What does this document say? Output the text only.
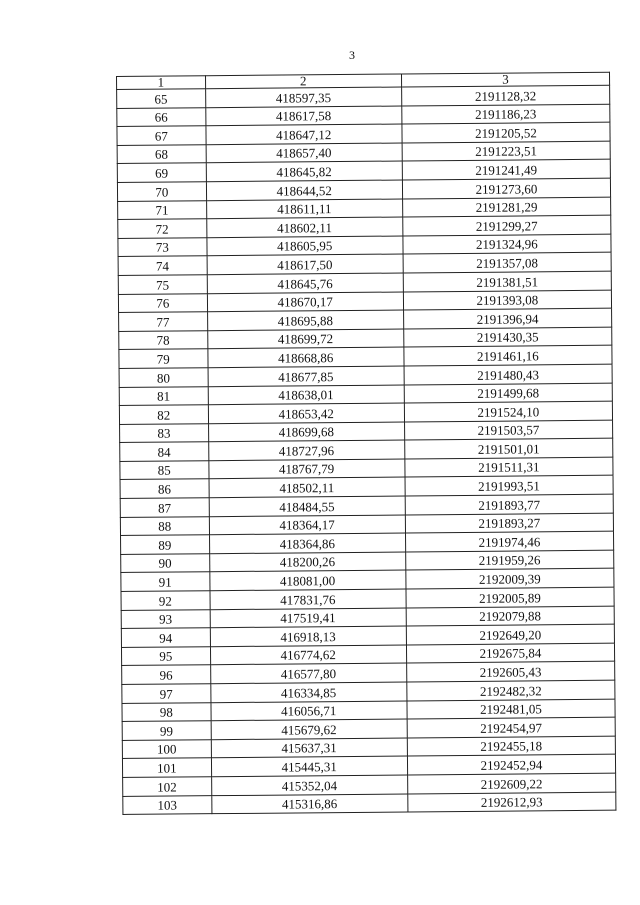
3
1	2	3
65	418597,35	2191128,32
66	418617,58	2191186,23
67	418647,12	2191205,52
68	418657,40	2191223,51
69	418645,82	2191241,49
70	418644,52	2191273,60
71	418611,11	2191281,29
72	418602,11	2191299,27
73	418605,95	2191324,96
74	418617,50	2191357,08
75	418645,76	2191381,51
76	418670,17	2191393,08
77	418695,88	2191396,94
78	418699,72	2191430,35
79	418668,86	2191461,16
80	418677,85	2191480,43
81	418638,01	2191499,68
82	418653,42	2191524,10
83	418699,68	2191503,57
84	418727,96	2191501,01
85	418767,79	2191511,31
86	418502,11	2191993,51
87	418484,55	2191893,77
88	418364,17	2191893,27
89	418364,86	2191974,46
90	418200,26	2191959,26
91	418081,00	2192009,39
92	417831,76	2192005,89
93	417519,41	2192079,88
94	416918,13	2192649,20
95	416774,62	2192675,84
96	416577,80	2192605,43
97	416334,85	2192482,32
98	416056,71	2192481,05
99	415679,62	2192454,97
100	415637,31	2192455,18
101	415445,31	2192452,94
102	415352,04	2192609,22
103	415316,86	2192612,93
